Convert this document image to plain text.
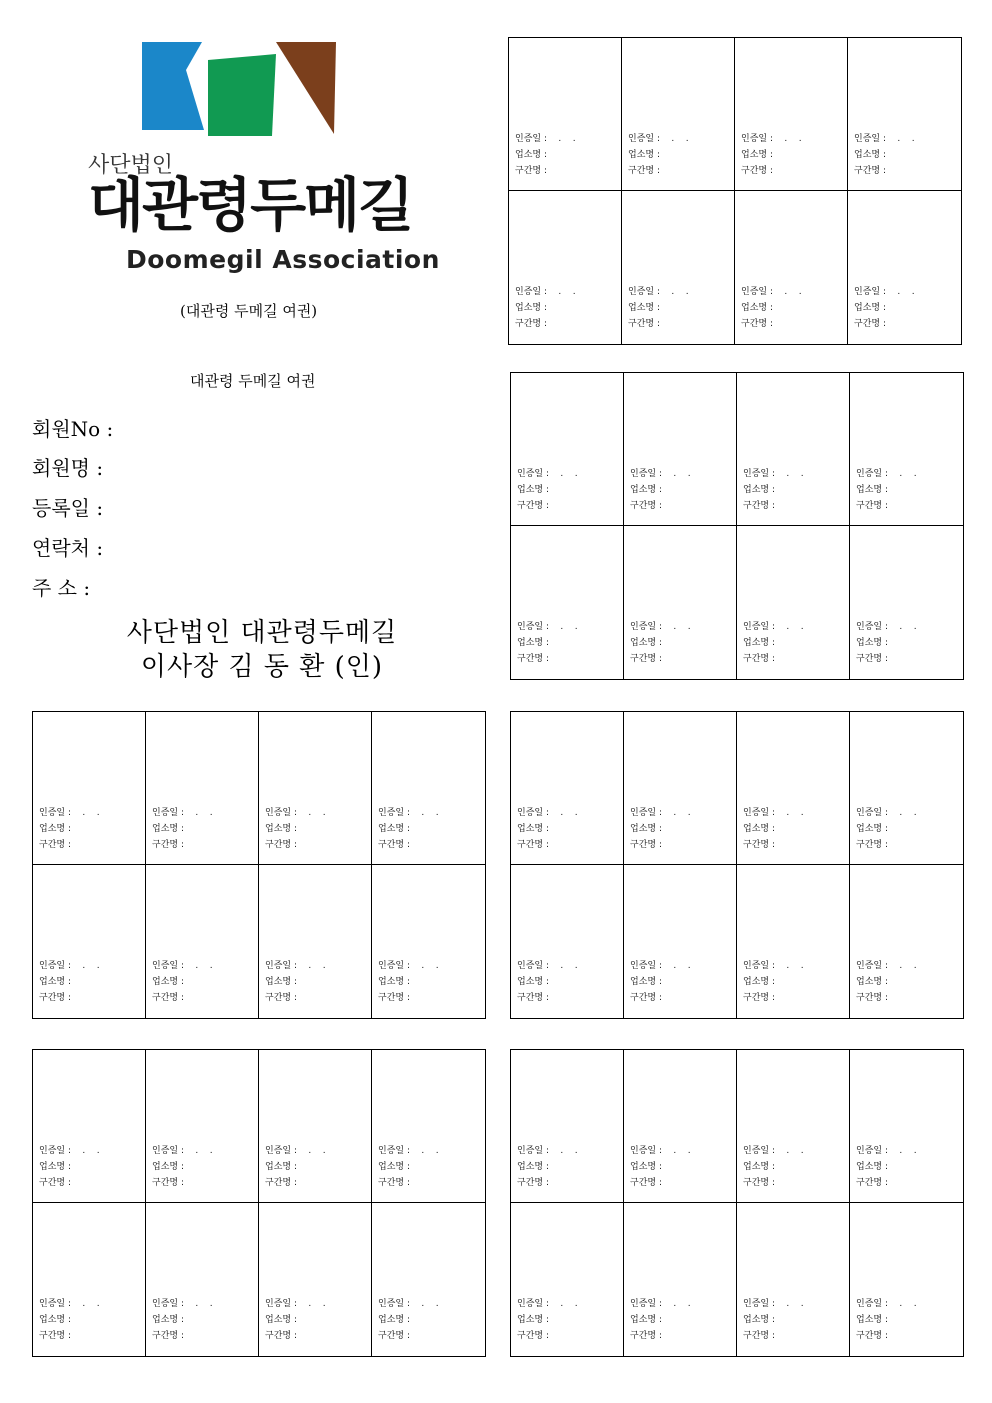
사단법인
대관령두메길
Doomegil Association
(대관령 두메길 여권)
대관령 두메길 여권
회원No :
회원명 :
등록일 :
연락처 :
주 소 :
사단법인 대관령두메길
이사장 김 동 환 (인)
인증일 :    .    .
업소명 :
구간명 :
인증일 :    .    .
업소명 :
구간명 :
인증일 :    .    .
업소명 :
구간명 :
인증일 :    .    .
업소명 :
구간명 :
인증일 :    .    .
업소명 :
구간명 :
인증일 :    .    .
업소명 :
구간명 :
인증일 :    .    .
업소명 :
구간명 :
인증일 :    .    .
업소명 :
구간명 :
인증일 :    .    .
업소명 :
구간명 :
인증일 :    .    .
업소명 :
구간명 :
인증일 :    .    .
업소명 :
구간명 :
인증일 :    .    .
업소명 :
구간명 :
인증일 :    .    .
업소명 :
구간명 :
인증일 :    .    .
업소명 :
구간명 :
인증일 :    .    .
업소명 :
구간명 :
인증일 :    .    .
업소명 :
구간명 :
인증일 :    .    .
업소명 :
구간명 :
인증일 :    .    .
업소명 :
구간명 :
인증일 :    .    .
업소명 :
구간명 :
인증일 :    .    .
업소명 :
구간명 :
인증일 :    .    .
업소명 :
구간명 :
인증일 :    .    .
업소명 :
구간명 :
인증일 :    .    .
업소명 :
구간명 :
인증일 :    .    .
업소명 :
구간명 :
인증일 :    .    .
업소명 :
구간명 :
인증일 :    .    .
업소명 :
구간명 :
인증일 :    .    .
업소명 :
구간명 :
인증일 :    .    .
업소명 :
구간명 :
인증일 :    .    .
업소명 :
구간명 :
인증일 :    .    .
업소명 :
구간명 :
인증일 :    .    .
업소명 :
구간명 :
인증일 :    .    .
업소명 :
구간명 :
인증일 :    .    .
업소명 :
구간명 :
인증일 :    .    .
업소명 :
구간명 :
인증일 :    .    .
업소명 :
구간명 :
인증일 :    .    .
업소명 :
구간명 :
인증일 :    .    .
업소명 :
구간명 :
인증일 :    .    .
업소명 :
구간명 :
인증일 :    .    .
업소명 :
구간명 :
인증일 :    .    .
업소명 :
구간명 :
인증일 :    .    .
업소명 :
구간명 :
인증일 :    .    .
업소명 :
구간명 :
인증일 :    .    .
업소명 :
구간명 :
인증일 :    .    .
업소명 :
구간명 :
인증일 :    .    .
업소명 :
구간명 :
인증일 :    .    .
업소명 :
구간명 :
인증일 :    .    .
업소명 :
구간명 :
인증일 :    .    .
업소명 :
구간명 :
